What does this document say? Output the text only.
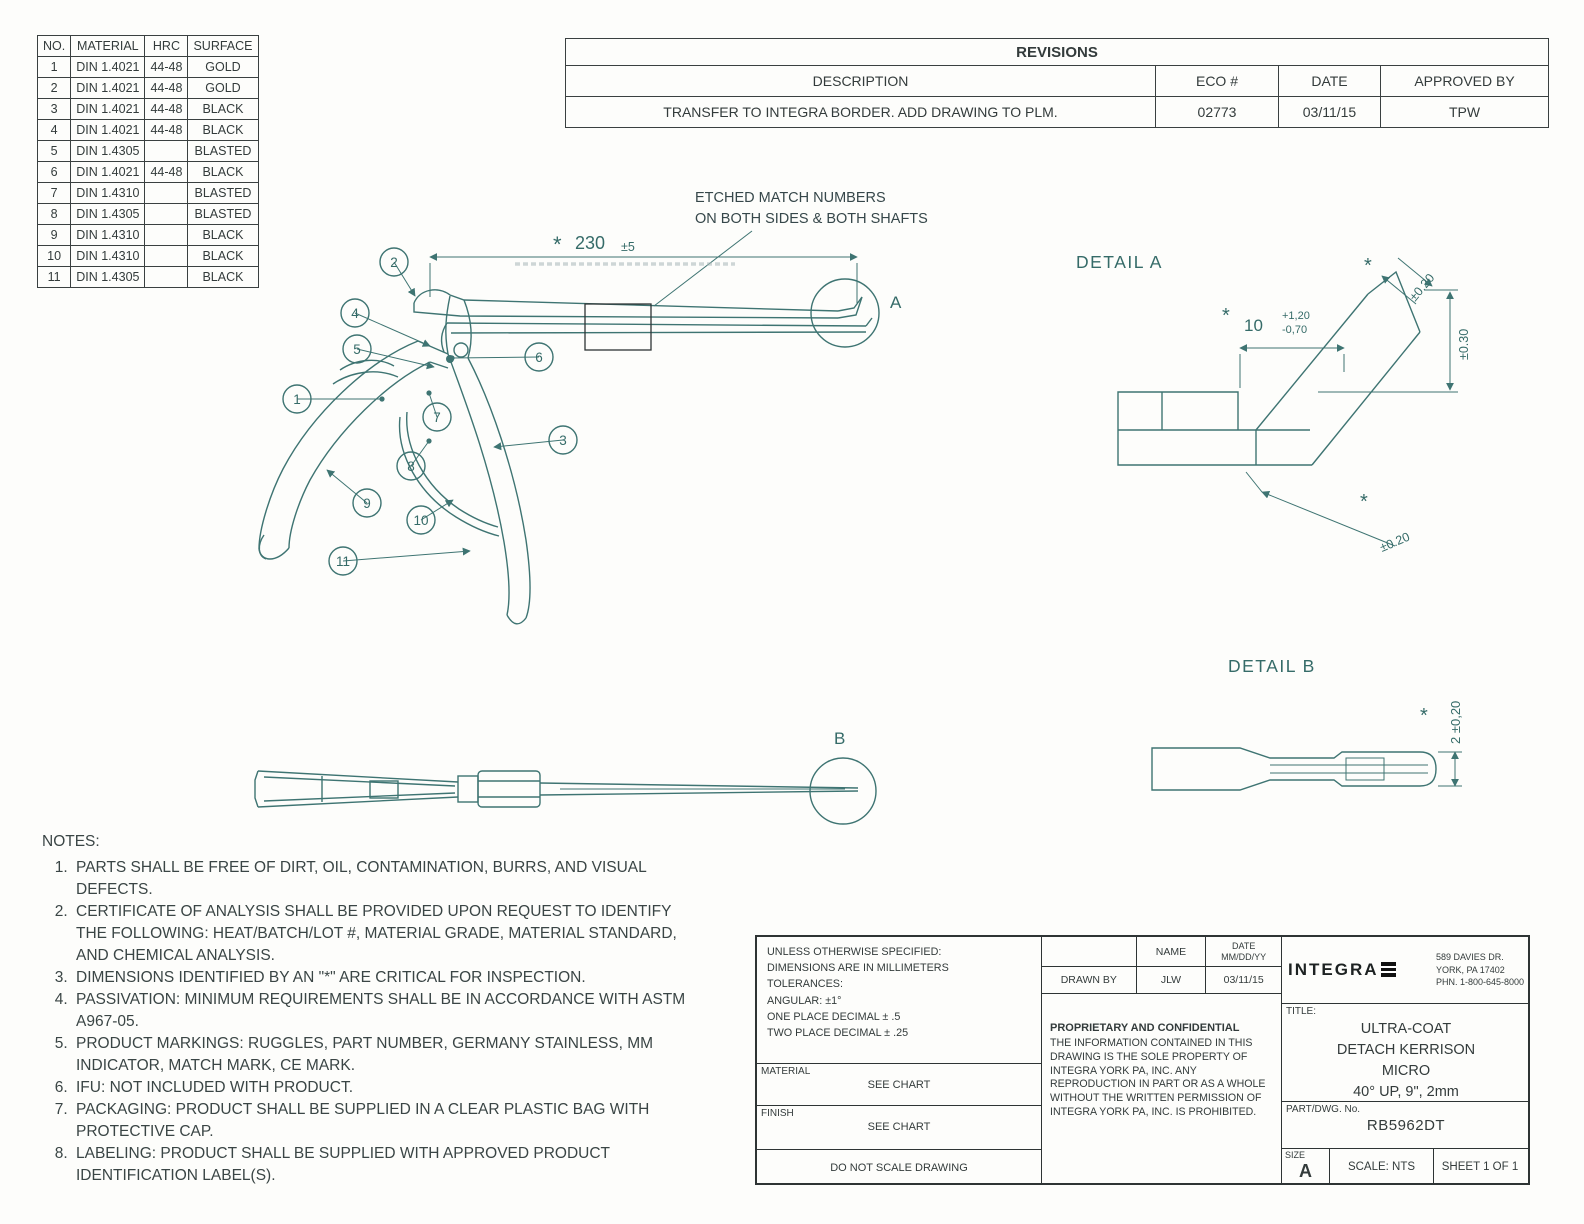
ETCHED MATCH NUMBERS
ON BOTH SIDES & BOTH SHAFTS
* 230 ±5
A
1
2
3
4
5
6
7
8
9
10
11
B
DETAIL A
* 10 +1,20
-0,70
±0.20
*
±0.30
±0.20
*
DETAIL B
2 ±0,20
*
NO.	MATERIAL	HRC	SURFACE
1	DIN 1.4021	44-48	GOLD
2	DIN 1.4021	44-48	GOLD
3	DIN 1.4021	44-48	BLACK
4	DIN 1.4021	44-48	BLACK
5	DIN 1.4305		BLASTED
6	DIN 1.4021	44-48	BLACK
7	DIN 1.4310		BLASTED
8	DIN 1.4305		BLASTED
9	DIN 1.4310		BLACK
10	DIN 1.4310		BLACK
11	DIN 1.4305		BLACK
REVISIONS			
DESCRIPTION	ECO #	DATE	APPROVED BY
TRANSFER TO INTEGRA BORDER. ADD DRAWING TO PLM.	02773	03/11/15	TPW
NOTES:
1. PARTS SHALL BE FREE OF DIRT, OIL, CONTAMINATION, BURRS, AND VISUAL DEFECTS.
2. CERTIFICATE OF ANALYSIS SHALL BE PROVIDED UPON REQUEST TO IDENTIFY THE FOLLOWING: HEAT/BATCH/LOT #, MATERIAL GRADE, MATERIAL STANDARD, AND CHEMICAL ANALYSIS.
3. DIMENSIONS IDENTIFIED BY AN "*" ARE CRITICAL FOR INSPECTION.
4. PASSIVATION: MINIMUM REQUIREMENTS SHALL BE IN ACCORDANCE WITH ASTM A967-05.
5. PRODUCT MARKINGS: RUGGLES, PART NUMBER, GERMANY STAINLESS, MM INDICATOR, MATCH MARK, CE MARK.
6. IFU: NOT INCLUDED WITH PRODUCT.
7. PACKAGING: PRODUCT SHALL BE SUPPLIED IN A CLEAR PLASTIC BAG WITH PROTECTIVE CAP.
8. LABELING: PRODUCT SHALL BE SUPPLIED WITH APPROVED PRODUCT IDENTIFICATION LABEL(S).
UNLESS OTHERWISE SPECIFIED:
DIMENSIONS ARE IN MILLIMETERS
TOLERANCES:
ANGULAR: ±1°
ONE PLACE DECIMAL ± .5
TWO PLACE DECIMAL ± .25
MATERIAL
SEE CHART
FINISH
SEE CHART
DO NOT SCALE DRAWING
NAME	DATE
MM/DD/YY
DRAWN BY	JLW	03/11/15
PROPRIETARY AND CONFIDENTIAL
THE INFORMATION CONTAINED IN THIS DRAWING IS THE SOLE PROPERTY OF INTEGRA YORK PA, INC. ANY REPRODUCTION IN PART OR AS A WHOLE WITHOUT THE WRITTEN PERMISSION OF INTEGRA YORK PA, INC. IS PROHIBITED.
INTEGRA
589 DAVIES DR.
YORK, PA 17402
PHN. 1-800-645-8000
TITLE:
ULTRA-COAT
DETACH KERRISON
MICRO
40° UP, 9", 2mm
PART/DWG. No.
RB5962DT
SIZE
A	SCALE: NTS	SHEET 1 OF 1
